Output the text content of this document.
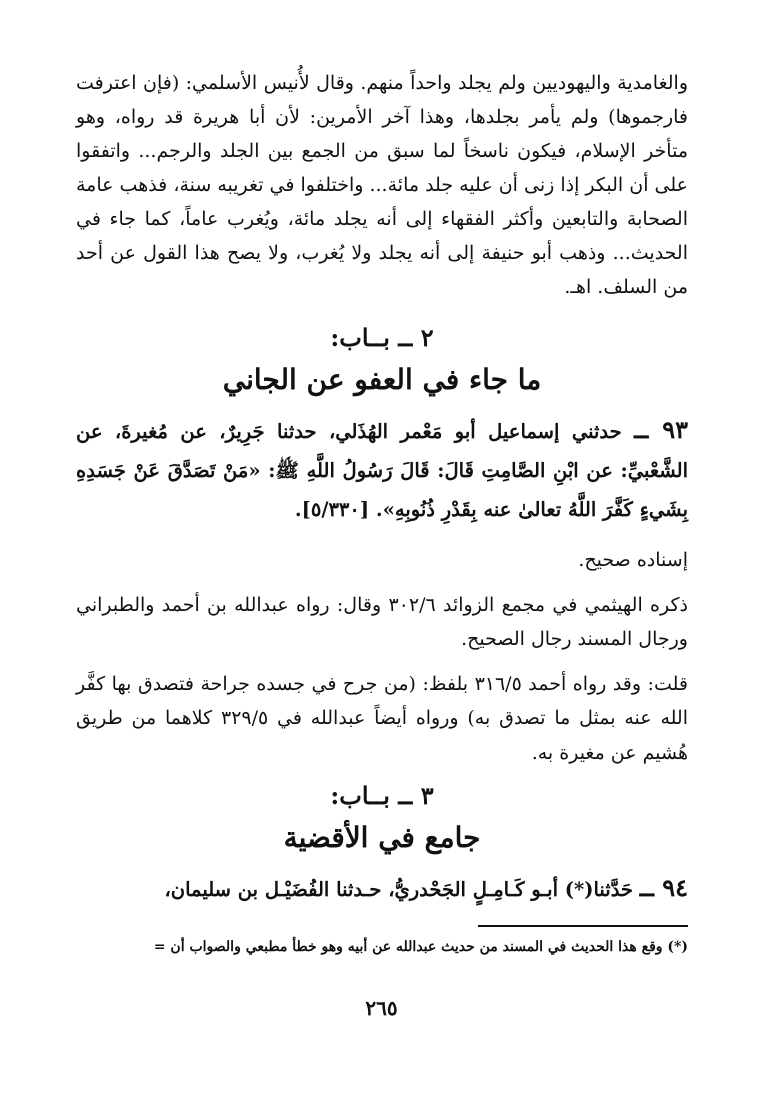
والغامدية واليهوديين ولم يجلد واحداً منهم. وقال لأُنيس الأسلمي: (فإن اعترفت فارجموها) ولم يأمر بجلدها، وهذا آخر الأمرين: لأن أبا هريرة قد رواه، وهو متأخر الإسلام، فيكون ناسخاً لما سبق من الجمع بين الجلد والرجم... واتفقوا على أن البكر إذا زنى أن عليه جلد مائة... واختلفوا في تغريبه سنة، فذهب عامة الصحابة والتابعين وأكثر الفقهاء إلى أنه يجلد مائة، ويُغرب عاماً، كما جاء في الحديث... وذهب أبو حنيفة إلى أنه يجلد ولا يُغرب، ولا يصح هذا القول عن أحد من السلف. اهـ.

٢ ــ بــاب:

ما جاء في العفو عن الجاني

٩٣ ــ حدثني إسماعيل أبو مَعْمر الهُذَلي، حدثنا جَرِيرٌ، عن مُغيرةَ، عن الشَّعْبيِّ: عن ابْنِ الصَّامِتِ قَالَ: قَالَ رَسُولُ اللَّهِ ﷺ: «مَنْ تَصَدَّقَ عَنْ جَسَدِهِ بِشَيءٍ كَفَّرَ اللَّهُ تعالىٰ عنه بِقَدْرِ ذُنُوبِهِ». [٥/٣٣٠].

إسناده صحيح.

ذكره الهيثمي في مجمع الزوائد ٣٠٢/٦ وقال: رواه عبدالله بن أحمد والطبراني ورجال المسند رجال الصحيح.

قلت: وقد رواه أحمد ٣١٦/٥ بلفظ: (من جرح في جسده جراحة فتصدق بها كفَّر الله عنه بمثل ما تصدق به) ورواه أيضاً عبدالله في ٣٢٩/٥ كلاهما من طريق هُشيم عن مغيرة به.

٣ ــ بــاب:

جامع في الأقضية

٩٤ ــ حَدَّثنا(*) أبـو كَـامِـلٍ الجَحْدريُّ، حـدثنا الفُضَيْـل بن سليمان،

(*) وقع هذا الحديث في المسند من حديث عبدالله عن أبيه وهو خطأ مطبعي والصواب أن =

٢٦٥
